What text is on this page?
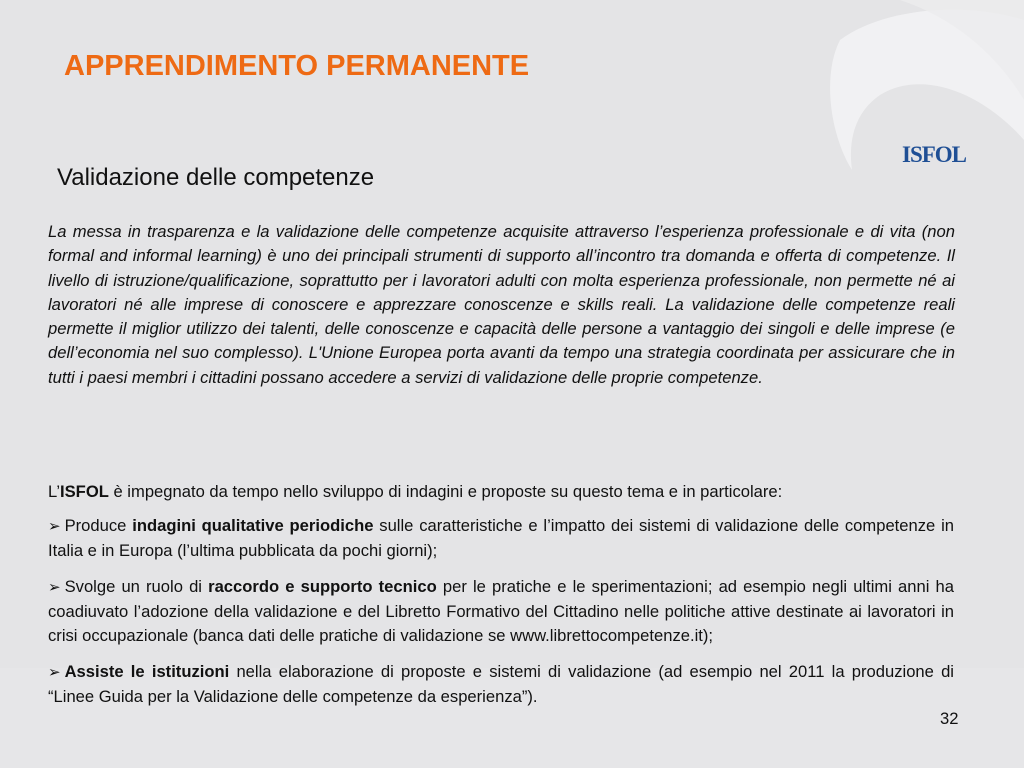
APPRENDIMENTO PERMANENTE
ISFOL
Validazione delle competenze

La messa in trasparenza e la validazione delle competenze acquisite attraverso l’esperienza professionale e di vita (non formal and informal learning) è uno dei principali strumenti di supporto all’incontro tra domanda e offerta di competenze. Il livello di istruzione/qualificazione, soprattutto per i lavoratori adulti con molta esperienza professionale, non permette né ai lavoratori né alle imprese di conoscere e apprezzare conoscenze e skills reali. La validazione delle competenze reali permette il miglior utilizzo dei talenti, delle conoscenze e capacità delle persone a vantaggio dei singoli e delle imprese (e dell’economia nel suo complesso). L'Unione Europea porta avanti da tempo una strategia coordinata per assicurare che in tutti i paesi membri i cittadini possano accedere a servizi di validazione delle proprie competenze.

L’ISFOL è impegnato da tempo nello sviluppo di indagini e proposte su questo tema e in particolare:

➢ Produce indagini qualitative periodiche sulle caratteristiche e l’impatto dei sistemi di validazione delle competenze in Italia e in Europa (l’ultima pubblicata da pochi giorni);
➢ Svolge un ruolo di raccordo e supporto tecnico per le pratiche e le sperimentazioni; ad esempio negli ultimi anni ha coadiuvato l’adozione della validazione e del Libretto Formativo del Cittadino nelle politiche attive destinate ai lavoratori in crisi occupazionale (banca dati delle pratiche di validazione se www.librettocompetenze.it);
➢ Assiste le istituzioni nella elaborazione di proposte e sistemi di validazione (ad esempio nel 2011 la produzione di “Linee Guida per la Validazione delle competenze da esperienza”).
32
